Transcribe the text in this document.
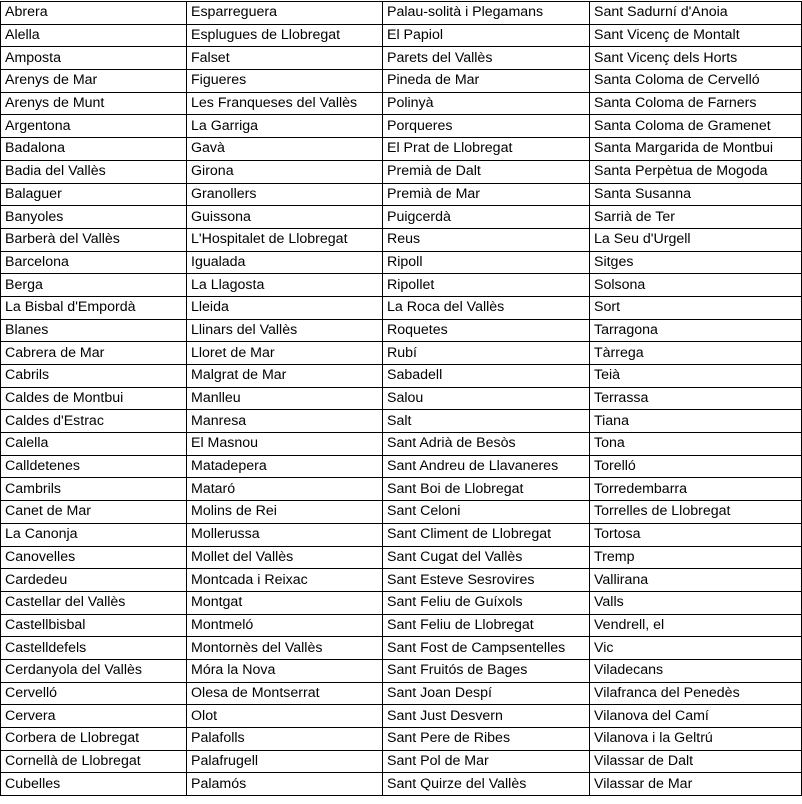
Abrera	Esparreguera	Palau-solità i Plegamans	Sant Sadurní d'Anoia
Alella	Esplugues de Llobregat	El Papiol	Sant Vicenç de Montalt
Amposta	Falset	Parets del Vallès	Sant Vicenç dels Horts
Arenys de Mar	Figueres	Pineda de Mar	Santa Coloma de Cervelló
Arenys de Munt	Les Franqueses del Vallès	Polinyà	Santa Coloma de Farners
Argentona	La Garriga	Porqueres	Santa Coloma de Gramenet
Badalona	Gavà	El Prat de Llobregat	Santa Margarida de Montbui
Badia del Vallès	Girona	Premià de Dalt	Santa Perpètua de Mogoda
Balaguer	Granollers	Premià de Mar	Santa Susanna
Banyoles	Guissona	Puigcerdà	Sarrià de Ter
Barberà del Vallès	L'Hospitalet de Llobregat	Reus	La Seu d'Urgell
Barcelona	Igualada	Ripoll	Sitges
Berga	La Llagosta	Ripollet	Solsona
La Bisbal d'Empordà	Lleida	La Roca del Vallès	Sort
Blanes	Llinars del Vallès	Roquetes	Tarragona
Cabrera de Mar	Lloret de Mar	Rubí	Tàrrega
Cabrils	Malgrat de Mar	Sabadell	Teià
Caldes de Montbui	Manlleu	Salou	Terrassa
Caldes d'Estrac	Manresa	Salt	Tiana
Calella	El Masnou	Sant Adrià de Besòs	Tona
Calldetenes	Matadepera	Sant Andreu de Llavaneres	Torelló
Cambrils	Mataró	Sant Boi de Llobregat	Torredembarra
Canet de Mar	Molins de Rei	Sant Celoni	Torrelles de Llobregat
La Canonja	Mollerussa	Sant Climent de Llobregat	Tortosa
Canovelles	Mollet del Vallès	Sant Cugat del Vallès	Tremp
Cardedeu	Montcada i Reixac	Sant Esteve Sesrovires	Vallirana
Castellar del Vallès	Montgat	Sant Feliu de Guíxols	Valls
Castellbisbal	Montmeló	Sant Feliu de Llobregat	Vendrell, el
Castelldefels	Montornès del Vallès	Sant Fost de Campsentelles	Vic
Cerdanyola del Vallès	Móra la Nova	Sant Fruitós de Bages	Viladecans
Cervelló	Olesa de Montserrat	Sant Joan Despí	Vilafranca del Penedès
Cervera	Olot	Sant Just Desvern	Vilanova del Camí
Corbera de Llobregat	Palafolls	Sant Pere de Ribes	Vilanova i la Geltrú
Cornellà de Llobregat	Palafrugell	Sant Pol de Mar	Vilassar de Dalt
Cubelles	Palamós	Sant Quirze del Vallès	Vilassar de Mar
